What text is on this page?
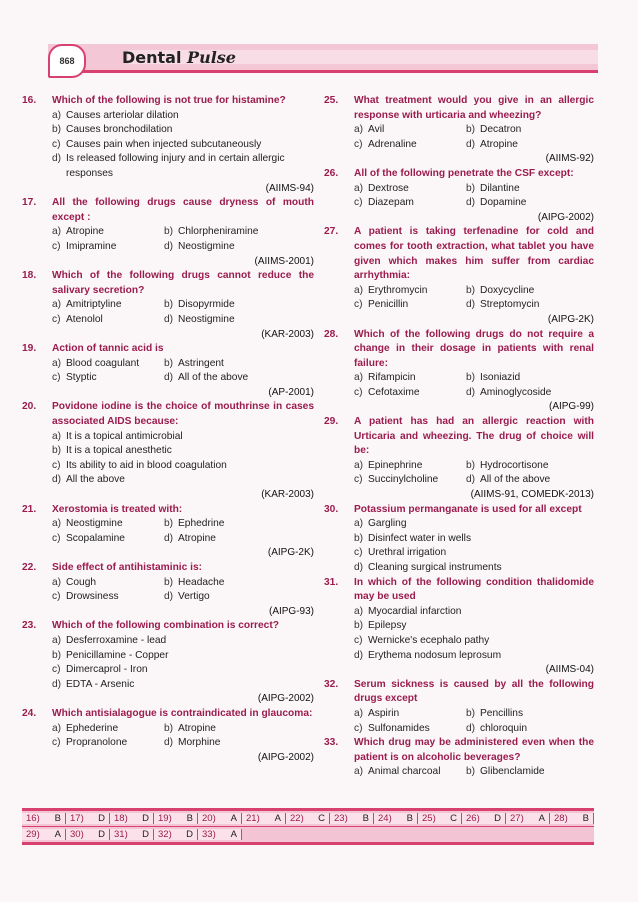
868	Dental Pulse
16.	Which of the following is not true for histamine?
a) Causes arteriolar dilation
b) Causes bronchodilation
c) Causes pain when injected subcutaneously
d) Is released following injury and in certain allergic responses
(AIIMS-94)
17.	All the following drugs cause dryness of mouth except :
a) Atropine	b) Chlorpheniramine
c) Imipramine	d) Neostigmine
(AIIMS-2001)
18.	Which of the following drugs cannot reduce the salivary secretion?
a) Amitriptyline	b) Disopyrmide
c) Atenolol	d) Neostigmine
(KAR-2003)
19.	Action of tannic acid is
a) Blood coagulant b) Astringent
c) Styptic	d) All of the above
(AP-2001)
20.	Povidone iodine is the choice of mouthrinse in cases associated AIDS because:
a) It is a topical antimicrobial
b) It is a topical anesthetic
c) Its ability to aid in blood coagulation
d) All the above
(KAR-2003)
21.	Xerostomia is treated with:
a) Neostigmine	b) Ephedrine
c) Scopalamine	d) Atropine
(AIPG-2K)
22.	Side effect of antihistaminic is:
a) Cough	b) Headache
c) Drowsiness	d) Vertigo
(AIPG-93)
23.	Which of the following combination is correct?
a) Desferroxamine - lead
b) Penicillamine - Copper
c) Dimercaprol - Iron
d) EDTA - Arsenic
(AIPG-2002)
24.	Which antisialagogue is contraindicated in glaucoma:
a) Ephederine	b) Atropine
c) Propranolone	d) Morphine
(AIPG-2002)
25.	What treatment would you give in an allergic response with urticaria and wheezing?
a) Avil	b) Decatron
c) Adrenaline	d) Atropine
(AIIMS-92)
26.	All of the following penetrate the CSF except:
a) Dextrose	b) Dilantine
c) Diazepam	d) Dopamine
(AIPG-2002)
27.	A patient is taking terfenadine for cold and comes for tooth extraction, what tablet you have given which makes him suffer from cardiac arrhythmia:
a) Erythromycin	b) Doxycycline
c) Penicillin	d) Streptomycin
(AIPG-2K)
28.	Which of the following drugs do not require a change in their dosage in patients with renal failure:
a) Rifampicin	b) Isoniazid
c) Cefotaxime	d) Aminoglycoside
(AIPG-99)
29.	A patient has had an allergic reaction with Urticaria and wheezing. The drug of choice will be:
a) Epinephrine	b) Hydrocortisone
c) Succinylcholine	d) All of the above
(AIIMS-91, COMEDK-2013)
30.	Potassium permanganate is used for all except
a) Gargling
b) Disinfect water in wells
c) Urethral irrigation
d) Cleaning surgical instruments
31.	In which of the following condition thalidomide may be used
a) Myocardial infarction
b) Epilepsy
c) Wernicke's ecephalo pathy
d) Erythema nodosum leprosum
(AIIMS-04)
32.	Serum sickness is caused by all the following drugs except
a) Aspirin	b) Pencillins
c) Sulfonamides	d) chloroquin
33.	Which drug may be administered even when the patient is on alcoholic beverages?
a) Animal charcoal	b) Glibenclamide
16) B 17) D 18) D 19) B 20) A 21) A 22) C 23) B 24) B 25) C 26) D 27) A 28) B
29) A 30) D 31) D 32) D 33) A
